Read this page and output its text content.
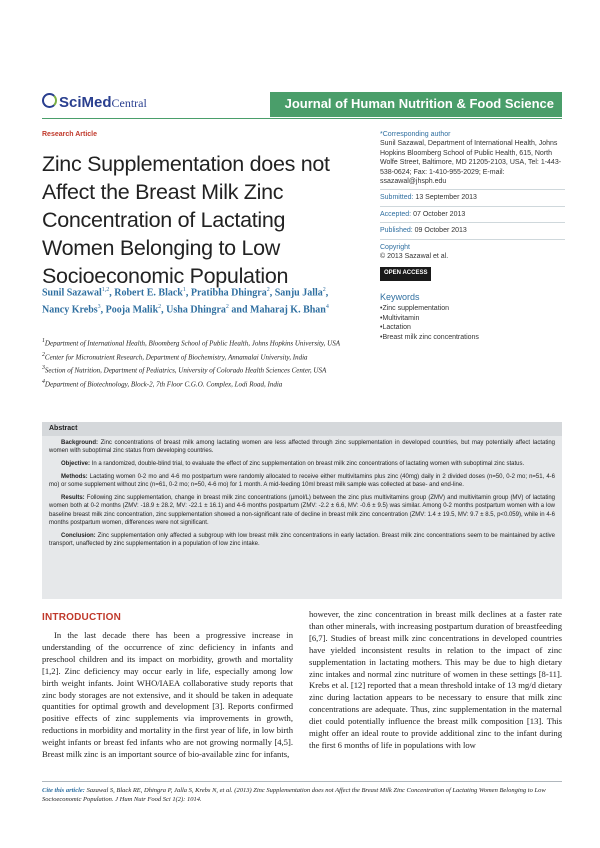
SciMedCentral	Journal of Human Nutrition & Food Science
Research Article
Zinc Supplementation does not Affect the Breast Milk Zinc Concentration of Lactating Women Belonging to Low Socioeconomic Population
Sunil Sazawal$^{1,2}$, Robert E. Black$^1$, Pratibha Dhingra$^2$, Sanju Jalla$^2$, Nancy Krebs$^3$, Pooja Malik$^2$, Usha Dhingra$^2$ and Maharaj K. Bhan$^4$
$^1$Department of International Health, Bloomberg School of Public Health, Johns Hopkins University, USA
$^2$Center for Micronutrient Research, Department of Biochemistry, Annamalai University, India
$^3$Section of Nutrition, Department of Pediatrics, University of Colorado Health Sciences Center, USA
$^4$Department of Biotechnology, Block-2, 7th Floor C.G.O. Complex, Lodi Road, India
*Corresponding author
Sunil Sazawal, Department of International Health, Johns Hopkins Bloomberg School of Public Health, 615, North Wolfe Street, Baltimore, MD 21205-2103, USA, Tel: 1-443-538-0624; Fax: 1-410-955-2029; E-mail: ssazawal@jhsph.edu
Submitted: 13 September 2013
Accepted: 07 October 2013
Published: 09 October 2013
Copyright
© 2013 Sazawal et al.
OPEN ACCESS
Keywords
• Zinc supplementation
• Multivitamin
• Lactation
• Breast milk zinc concentrations
Abstract

Background: Zinc concentrations of breast milk among lactating women are less affected through zinc supplementation in developed countries, but may potentially affect lactating women with suboptimal zinc status from developing countries.

Objective: In a randomized, double-blind trial, to evaluate the effect of zinc supplementation on breast milk zinc concentrations of lactating women with suboptimal zinc status.

Methods: Lactating women 0-2 mo and 4-6 mo postpartum were randomly allocated to receive either multivitamins plus zinc (40mg) daily in 2 divided doses (n=50, 0-2 mo; n=51, 4-6 mo) or some supplement without zinc (n=61, 0-2 mo; n=50, 4-6 mo) for 1 month. A mid-feeding 10ml breast milk sample was collected at base- and end-line.

Results: Following zinc supplementation, change in breast milk zinc concentrations (µmol/L) between the zinc plus multivitamins group (ZMV) and multivitamin group (MV) of lactating women both at 0-2 months (ZMV: -18.9 ± 28.2, MV: -22.1 ± 16.1) and 4-6 months postpartum (ZMV: -2.2 ± 6.6, MV: -0.6 ± 9.5) was similar. Among 0-2 months postpartum women with a low baseline breast milk zinc concentration, zinc supplementation showed a non-significant rate of decline in breast milk zinc concentration (ZMV: 1.4 ± 19.5, MV: 9.7 ± 8.5, p<0.059), while in 4-6 months postpartum women, differences were not significant.

Conclusion: Zinc supplementation only affected a subgroup with low breast milk zinc concentrations in early lactation. Breast milk zinc concentrations seem to be maintained by active transport, unaffected by zinc supplementation in a population of low zinc intake.

INTRODUCTION

In the last decade there has been a progressive increase in understanding of the occurrence of zinc deficiency in infants and preschool children and its impact on morbidity, growth and mortality [1,2]. Zinc deficiency may occur early in life, especially among low birth weight infants. Joint WHO/IAEA collaborative study reports that zinc body storages are not extensive, and it should be taken in adequate quantities for optimal growth and development [3]. Reports confirmed positive effects of zinc supplements via improvements in growth, reductions in morbidity and mortality in the first year of life, in low birth weight infants or breast fed infants who are not growing normally [4,5]. Breast milk zinc is an important source of bio-available zinc for infants,

however, the zinc concentration in breast milk declines at a faster rate than other minerals, with increasing postpartum duration of breastfeeding [6,7]. Studies of breast milk zinc concentrations in developed countries have yielded inconsistent results in relation to the impact of zinc supplementation in lactating mothers. This may be due to high dietary zinc intakes and normal zinc nutriture of women in these settings [8-11]. Krebs et al. [12] reported that a mean threshold intake of 13 mg/d dietary zinc during lactation appears to be necessary to ensure that milk zinc concentrations are adequate. Thus, zinc supplementation in the maternal diet could potentially influence the breast milk composition [13]. This might offer an ideal route to provide additional zinc to the infant during the first 6 months of life in populations with low

Cite this article: Sazawal S, Black RE, Dhingra P, Jalla S, Krebs N, et al. (2013) Zinc Supplementation does not Affect the Breast Milk Zinc Concentration of Lactating Women Belonging to Low Socioeconomic Population. J Hum Nutr Food Sci 1(2): 1014.
